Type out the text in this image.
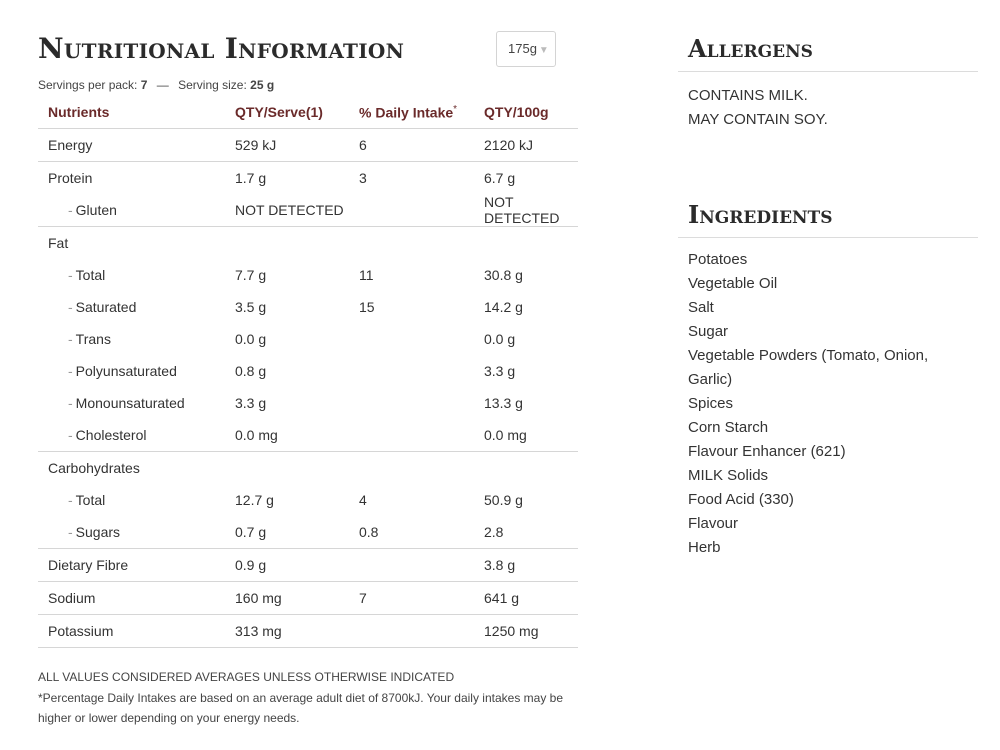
Nutritional Information	175g ▼
Servings per pack: 7 — Serving size: 25 g
Nutrients	QTY/Serve(1)	% Daily Intake*	QTY/100g
Energy	529 kJ	6	2120 kJ
Protein	1.7 g	3	6.7 g
- Gluten	NOT DETECTED		NOT DETECTED
Fat			
- Total	7.7 g	11	30.8 g
- Saturated	3.5 g	15	14.2 g
- Trans	0.0 g		0.0 g
- Polyunsaturated	0.8 g		3.3 g
- Monounsaturated	3.3 g		13.3 g
- Cholesterol	0.0 mg		0.0 mg
Carbohydrates			
- Total	12.7 g	4	50.9 g
- Sugars	0.7 g	0.8	2.8
Dietary Fibre	0.9 g		3.8 g
Sodium	160 mg	7	641 g
Potassium	313 mg		1250 mg
ALL VALUES CONSIDERED AVERAGES UNLESS OTHERWISE INDICATED
*Percentage Daily Intakes are based on an average adult diet of 8700kJ. Your daily intakes may be higher or lower depending on your energy needs.
Allergens
CONTAINS MILK.
MAY CONTAIN SOY.
Ingredients
Potatoes
Vegetable Oil
Salt
Sugar
Vegetable Powders (Tomato, Onion, Garlic)
Spices
Corn Starch
Flavour Enhancer (621)
MILK Solids
Food Acid (330)
Flavour
Herb
